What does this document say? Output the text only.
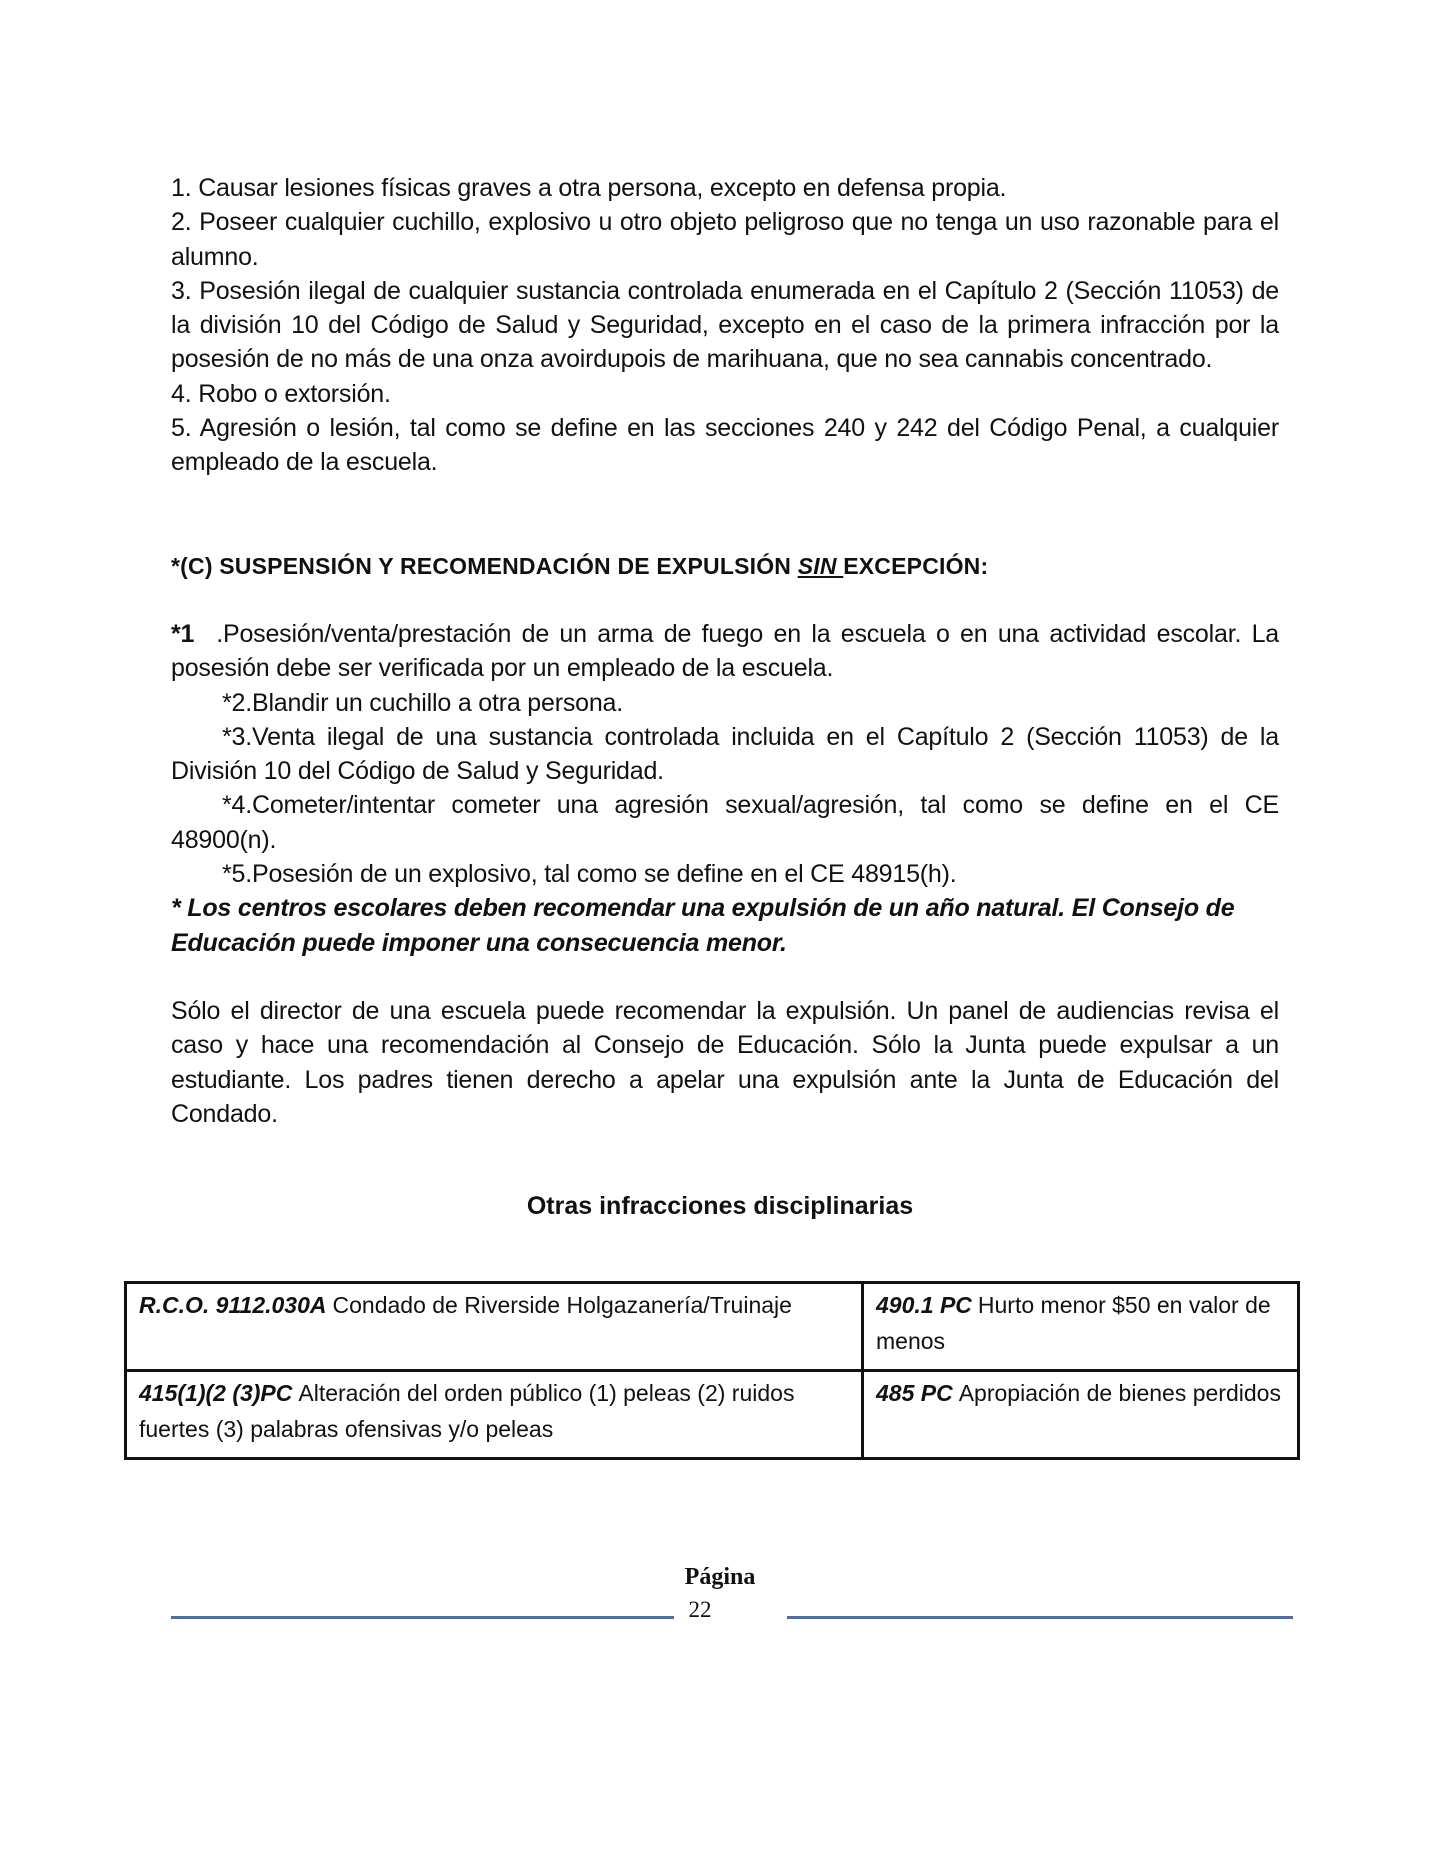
1. Causar lesiones físicas graves a otra persona, excepto en defensa propia.

2. Poseer cualquier cuchillo, explosivo u otro objeto peligroso que no tenga un uso razonable para el alumno.

3. Posesión ilegal de cualquier sustancia controlada enumerada en el Capítulo 2 (Sección 11053) de la división 10 del Código de Salud y Seguridad, excepto en el caso de la primera infracción por la posesión de no más de una onza avoirdupois de marihuana, que no sea cannabis concentrado.

4. Robo o extorsión.

5. Agresión o lesión, tal como se define en las secciones 240 y 242 del Código Penal, a cualquier empleado de la escuela.

*(C) SUSPENSIÓN Y RECOMENDACIÓN DE EXPULSIÓN SIN EXCEPCIÓN:

*1 .Posesión/venta/prestación de un arma de fuego en la escuela o en una actividad escolar. La posesión debe ser verificada por un empleado de la escuela.

*2.Blandir un cuchillo a otra persona.

*3.Venta ilegal de una sustancia controlada incluida en el Capítulo 2 (Sección 11053) de la División 10 del Código de Salud y Seguridad.

*4.Cometer/intentar cometer una agresión sexual/agresión, tal como se define en el CE 48900(n).

*5.Posesión de un explosivo, tal como se define en el CE 48915(h).

* Los centros escolares deben recomendar una expulsión de un año natural. El Consejo de Educación puede imponer una consecuencia menor.

Sólo el director de una escuela puede recomendar la expulsión. Un panel de audiencias revisa el caso y hace una recomendación al Consejo de Educación. Sólo la Junta puede expulsar a un estudiante. Los padres tienen derecho a apelar una expulsión ante la Junta de Educación del Condado.

Otras infracciones disciplinarias

R.C.O. 9112.030A Condado de Riverside Holgazanería/Truinaje	490.1 PC Hurto menor $50 en valor de menos
415(1)(2 (3)PC Alteración del orden público (1) peleas (2) ruidos fuertes (3) palabras ofensivas y/o peleas	485 PC Apropiación de bienes perdidos

Página

22
